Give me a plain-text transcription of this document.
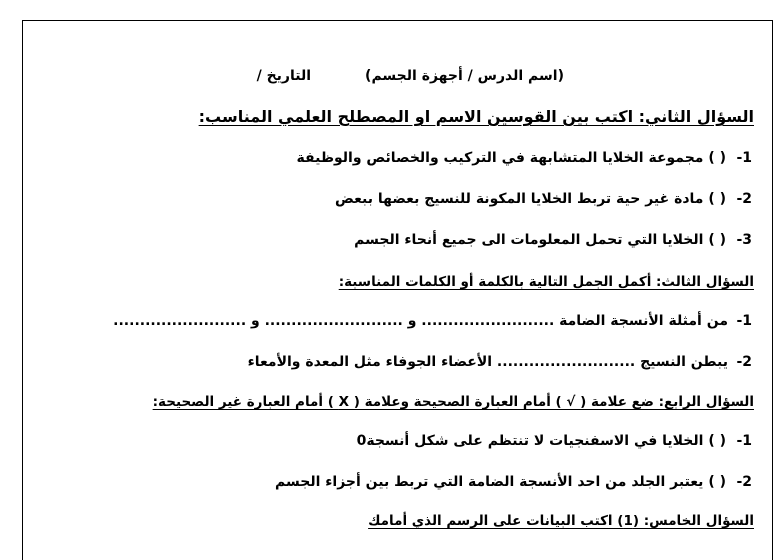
(اسم الدرس / أجهزة الجسم)
التاريخ /
السؤال الثاني: اكتب بين القوسين الاسم او المصطلح العلمي المناسب:
1-
( ) مجموعة الخلايا المتشابهة في التركيب والخصائص والوظيفة
2-
( ) مادة غير حية تربط الخلايا المكونة للنسيج بعضها ببعض
3-
( ) الخلايا التي تحمل المعلومات الى جميع أنحاء الجسم
السؤال الثالث: أكمل الجمل التالية بالكلمة أو الكلمات المناسبة:
1-
من أمثلة الأنسجة الضامة ......................... و .......................... و .........................
2-
يبطن النسيج .......................... الأعضاء الجوفاء مثل المعدة والأمعاء
السؤال الرابع: ضع علامة ( √ ) أمام العبارة الصحيحة وعلامة ( X ) أمام العبارة غير الصحيحة:
1-
( ) الخلايا في الاسفنجيات لا تنتظم على شكل أنسجة0
2-
( ) يعتبر الجلد من احد الأنسجة الضامة التي تربط بين أجزاء الجسم
السؤال الخامس: (1) اكتب البيانات على الرسم الذي أمامك
